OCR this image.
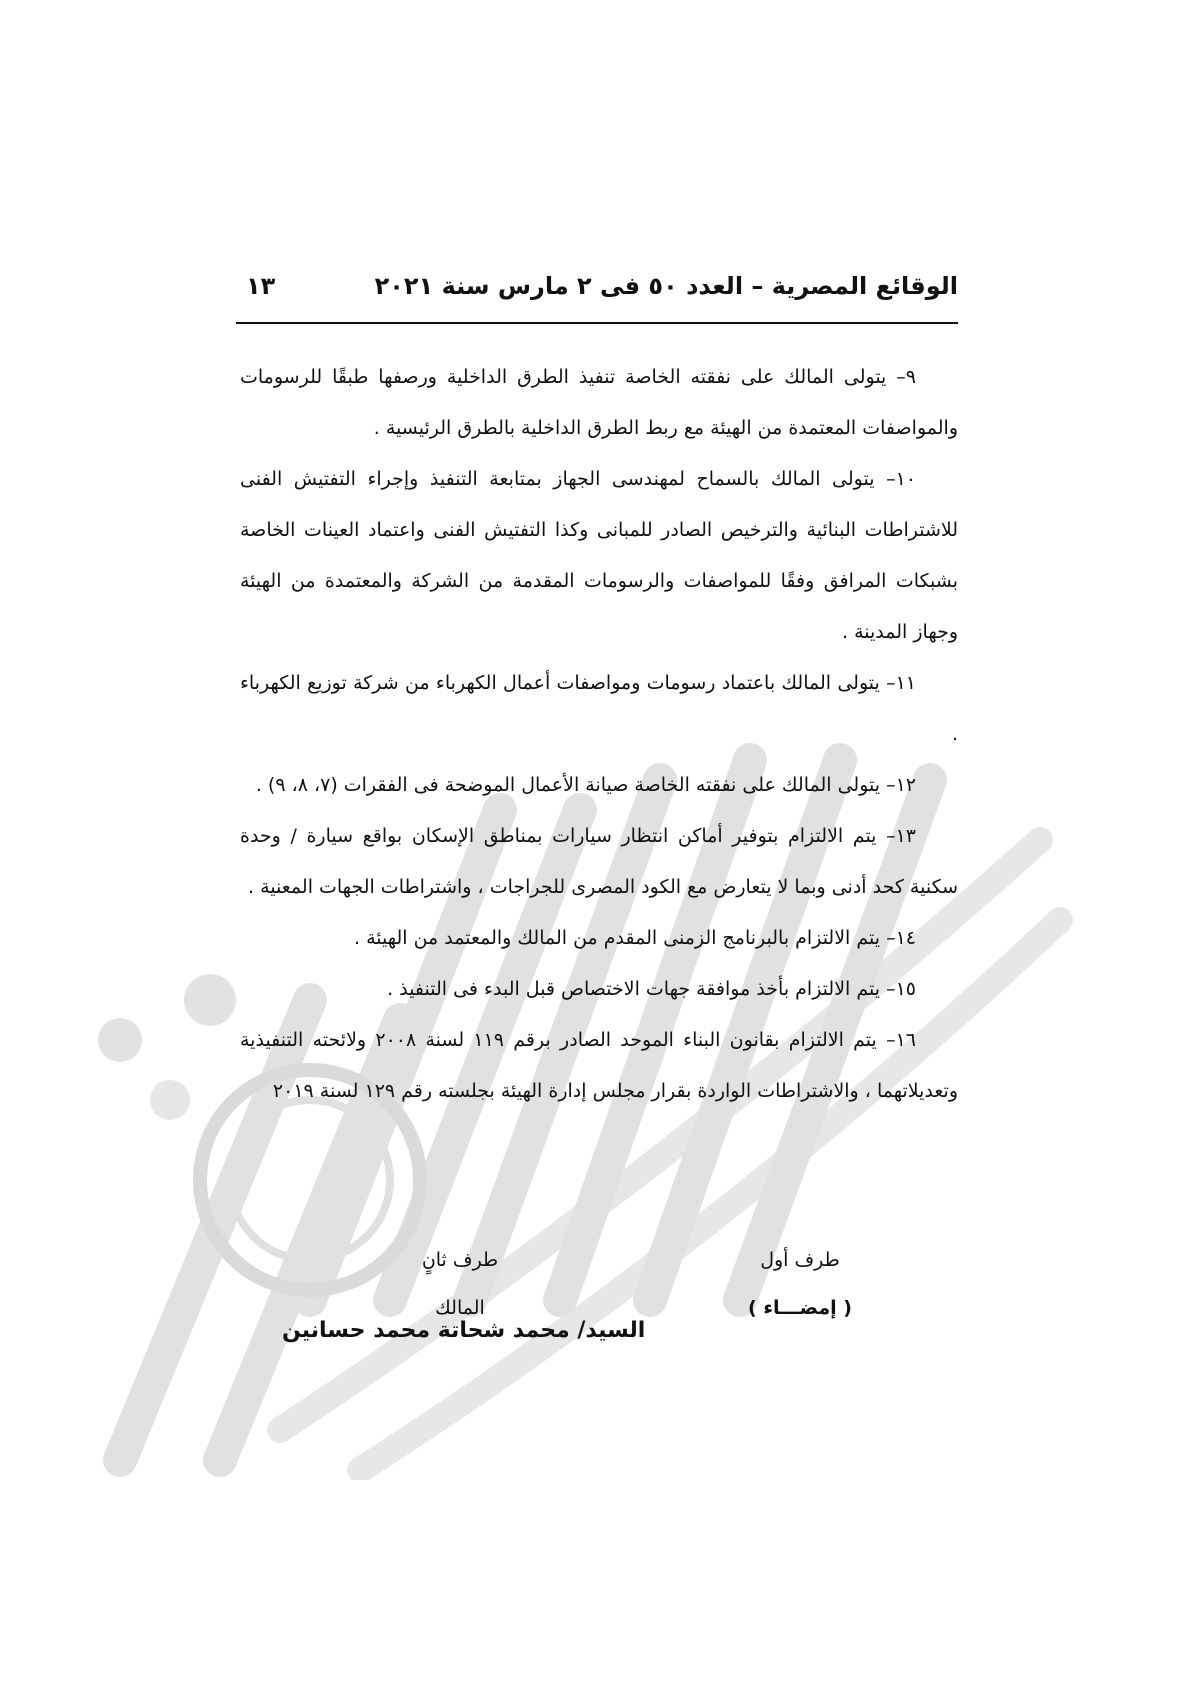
الوقائع المصرية – العدد ٥٠ فى ٢ مارس سنة ٢٠٢١
١٣

٩– يتولى المالك على نفقته الخاصة تنفيذ الطرق الداخلية ورصفها طبقًا للرسومات والمواصفات المعتمدة من الهيئة مع ربط الطرق الداخلية بالطرق الرئيسية .

١٠– يتولى المالك بالسماح لمهندسى الجهاز بمتابعة التنفيذ وإجراء التفتيش الفنى للاشتراطات البنائية والترخيص الصادر للمبانى وكذا التفتيش الفنى واعتماد العينات الخاصة بشبكات المرافق وفقًا للمواصفات والرسومات المقدمة من الشركة والمعتمدة من الهيئة وجهاز المدينة .

١١– يتولى المالك باعتماد رسومات ومواصفات أعمال الكهرباء من شركة توزيع الكهرباء .

١٢– يتولى المالك على نفقته الخاصة صيانة الأعمال الموضحة فى الفقرات (٧، ٨، ٩) .

١٣– يتم الالتزام بتوفير أماكن انتظار سيارات بمناطق الإسكان بواقع سيارة / وحدة سكنية كحد أدنى وبما لا يتعارض مع الكود المصرى للجراجات ، واشتراطات الجهات المعنية .

١٤– يتم الالتزام بالبرنامج الزمنى المقدم من المالك والمعتمد من الهيئة .

١٥– يتم الالتزام بأخذ موافقة جهات الاختصاص قبل البدء فى التنفيذ .

١٦– يتم الالتزام بقانون البناء الموحد الصادر برقم ١١٩ لسنة ٢٠٠٨ ولائحته التنفيذية وتعديلاتهما ، والاشتراطات الواردة بقرار مجلس إدارة الهيئة بجلسته رقم ١٢٩ لسنة ٢٠١٩

طرف أول
( إمضـــاء )
طرف ثانٍ
المالك
السيد/ محمد شحاتة محمد حسانين
